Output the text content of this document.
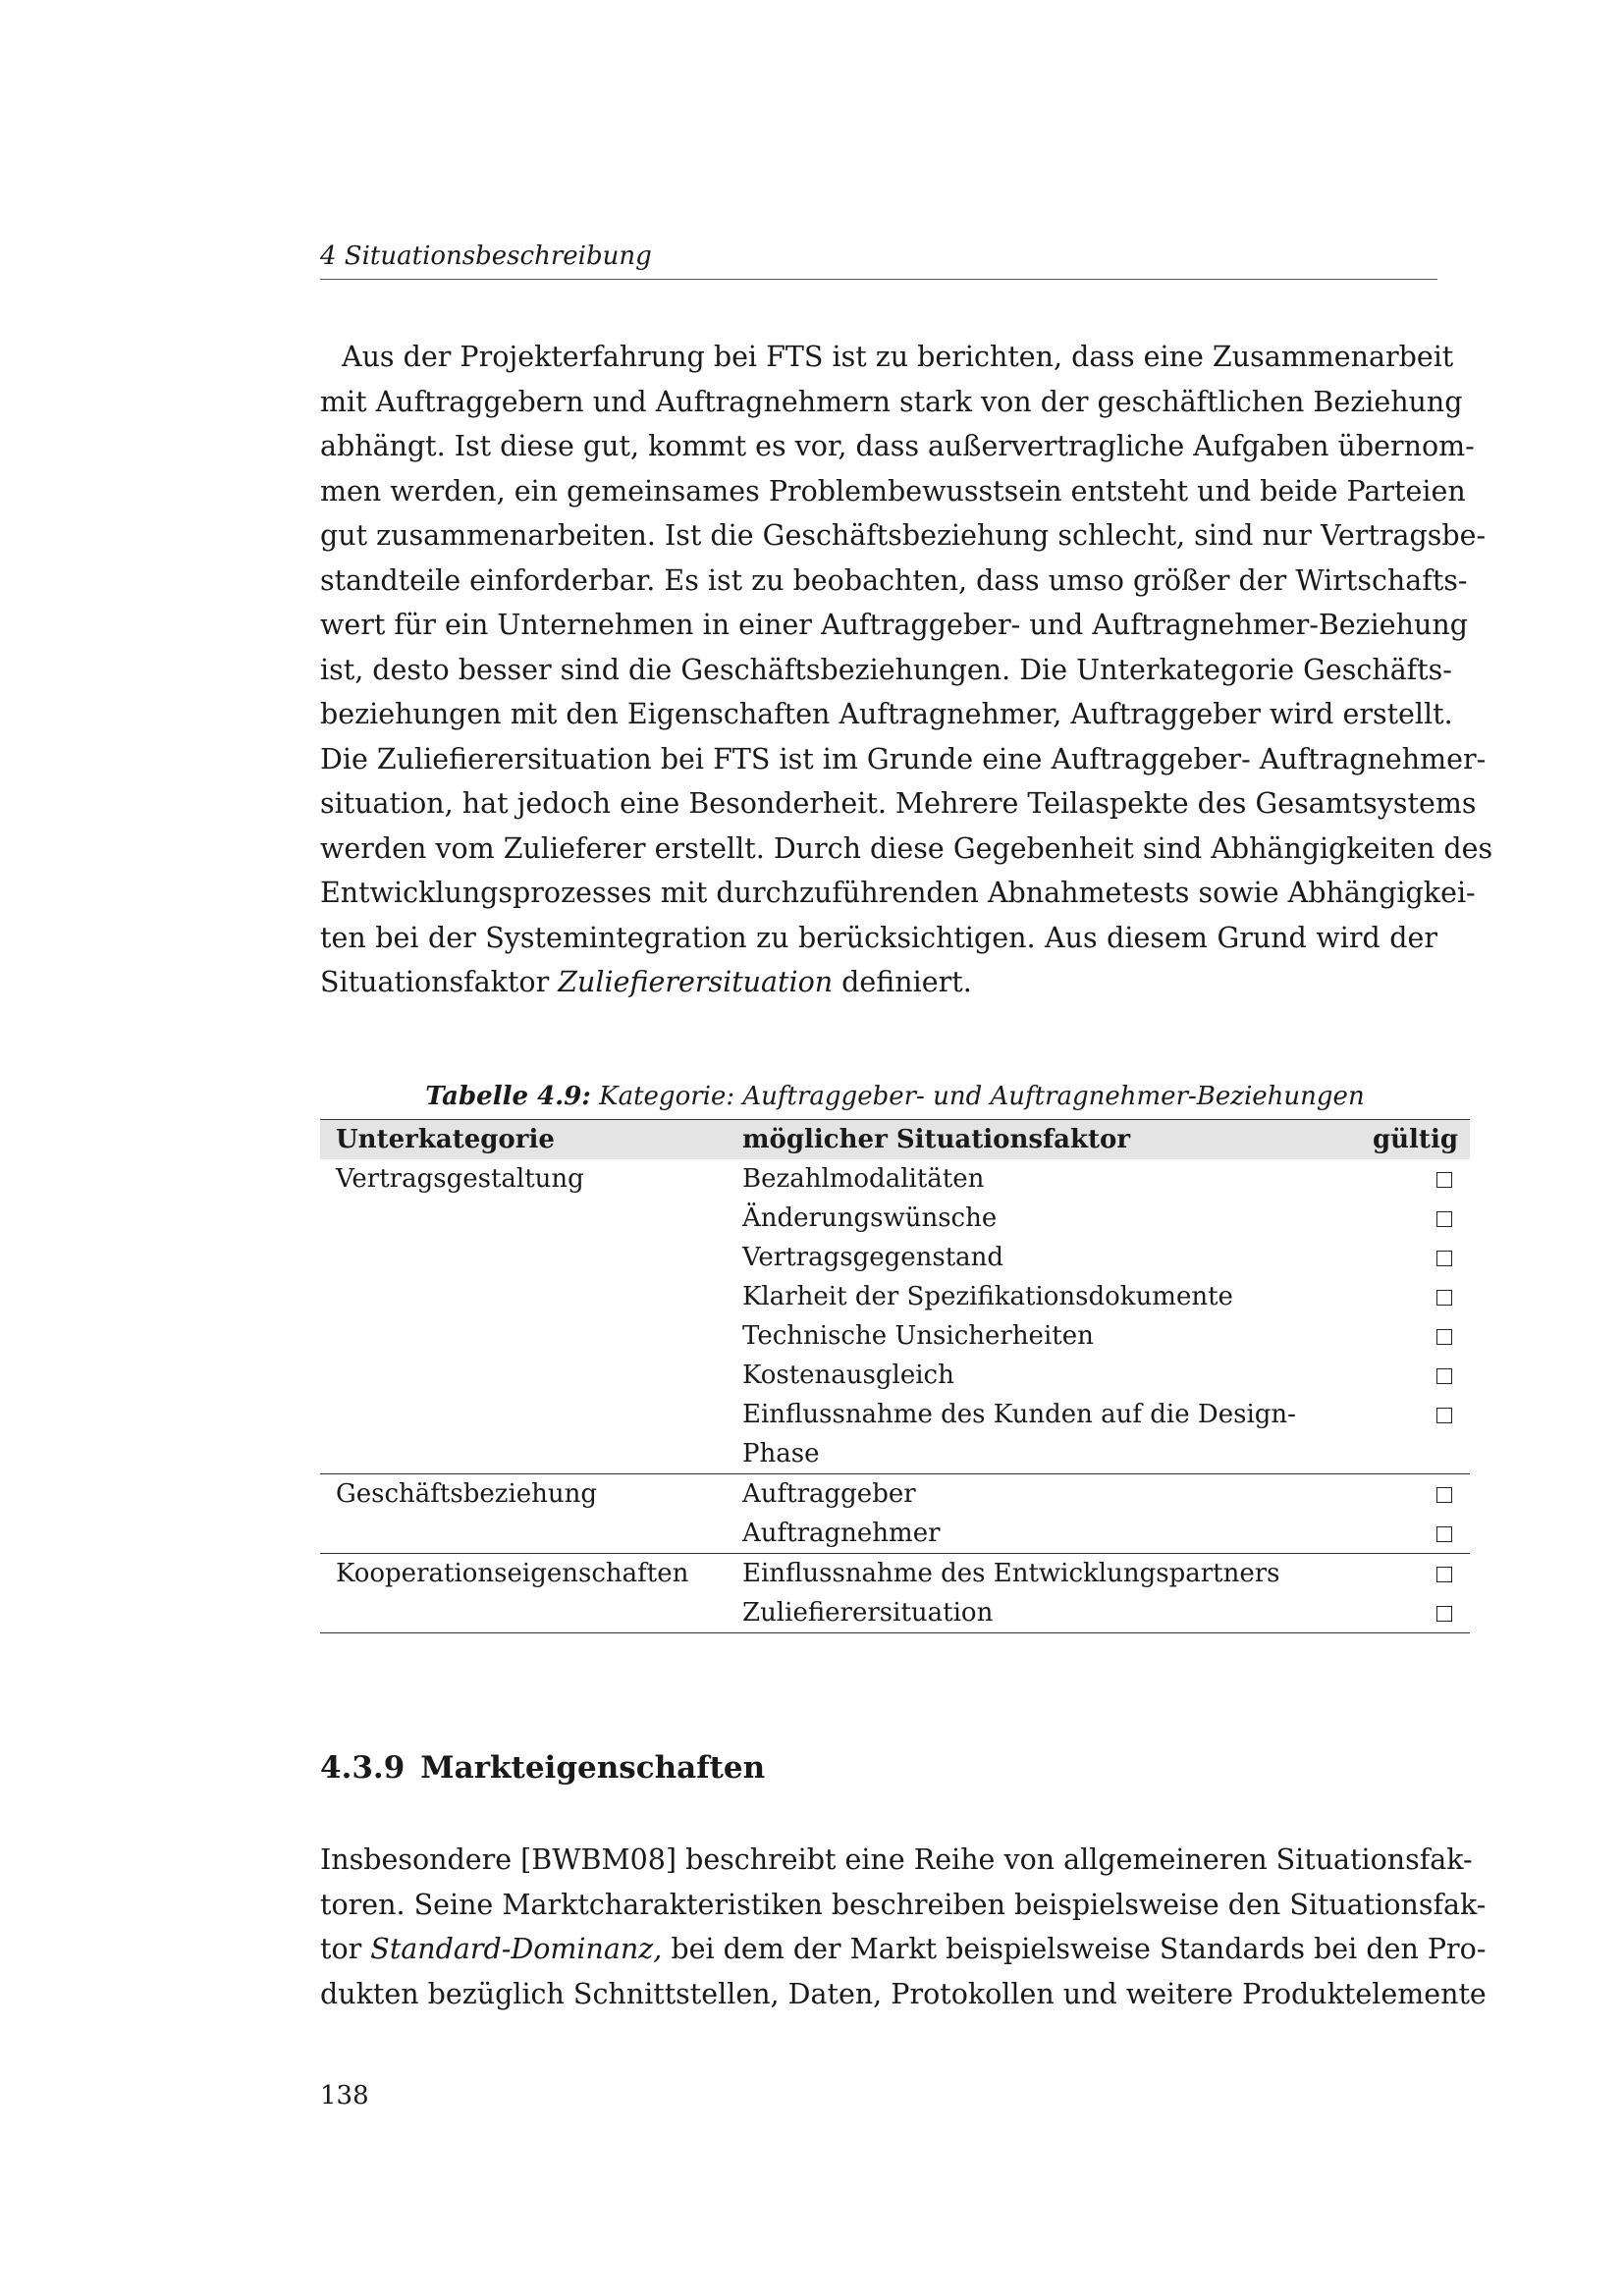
4 Situationsbeschreibung
Aus der Projekterfahrung bei FTS ist zu berichten, dass eine Zusammenarbeit
mit Auftraggebern und Auftragnehmern stark von der geschäftlichen Beziehung
abhängt. Ist diese gut, kommt es vor, dass außervertragliche Aufgaben übernom-
men werden, ein gemeinsames Problembewusstsein entsteht und beide Parteien
gut zusammenarbeiten. Ist die Geschäftsbeziehung schlecht, sind nur Vertragsbe-
standteile einforderbar. Es ist zu beobachten, dass umso größer der Wirtschafts-
wert für ein Unternehmen in einer Auftraggeber- und Auftragnehmer-Beziehung
ist, desto besser sind die Geschäftsbeziehungen. Die Unterkategorie Geschäfts-
beziehungen mit den Eigenschaften Auftragnehmer, Auftraggeber wird erstellt.
Die Zuliefierersituation bei FTS ist im Grunde eine Auftraggeber- Auftragnehmer-
situation, hat jedoch eine Besonderheit. Mehrere Teilaspekte des Gesamtsystems
werden vom Zulieferer erstellt. Durch diese Gegebenheit sind Abhängigkeiten des
Entwicklungsprozesses mit durchzuführenden Abnahmetests sowie Abhängigkei-
ten bei der Systemintegration zu berücksichtigen. Aus diesem Grund wird der
Situationsfaktor Zuliefierersituation definiert.
Tabelle 4.9: Kategorie: Auftraggeber- und Auftragnehmer-Beziehungen
Unterkategorie	möglicher Situationsfaktor	gültig
Vertragsgestaltung	Bezahlmodalitäten	
	Änderungswünsche	
	Vertragsgegenstand	
	Klarheit der Spezifikationsdokumente	
	Technische Unsicherheiten	
	Kostenausgleich	
	Einflussnahme des Kunden auf die Design-	
	Phase	
Geschäftsbeziehung	Auftraggeber	
	Auftragnehmer	
Kooperationseigenschaften	Einflussnahme des Entwicklungspartners	
	Zuliefierersituation	
4.3.9 Markteigenschaften
Insbesondere [BWBM08] beschreibt eine Reihe von allgemeineren Situationsfak-
toren. Seine Marktcharakteristiken beschreiben beispielsweise den Situationsfak-
tor Standard-Dominanz, bei dem der Markt beispielsweise Standards bei den Pro-
dukten bezüglich Schnittstellen, Daten, Protokollen und weitere Produktelemente
138
